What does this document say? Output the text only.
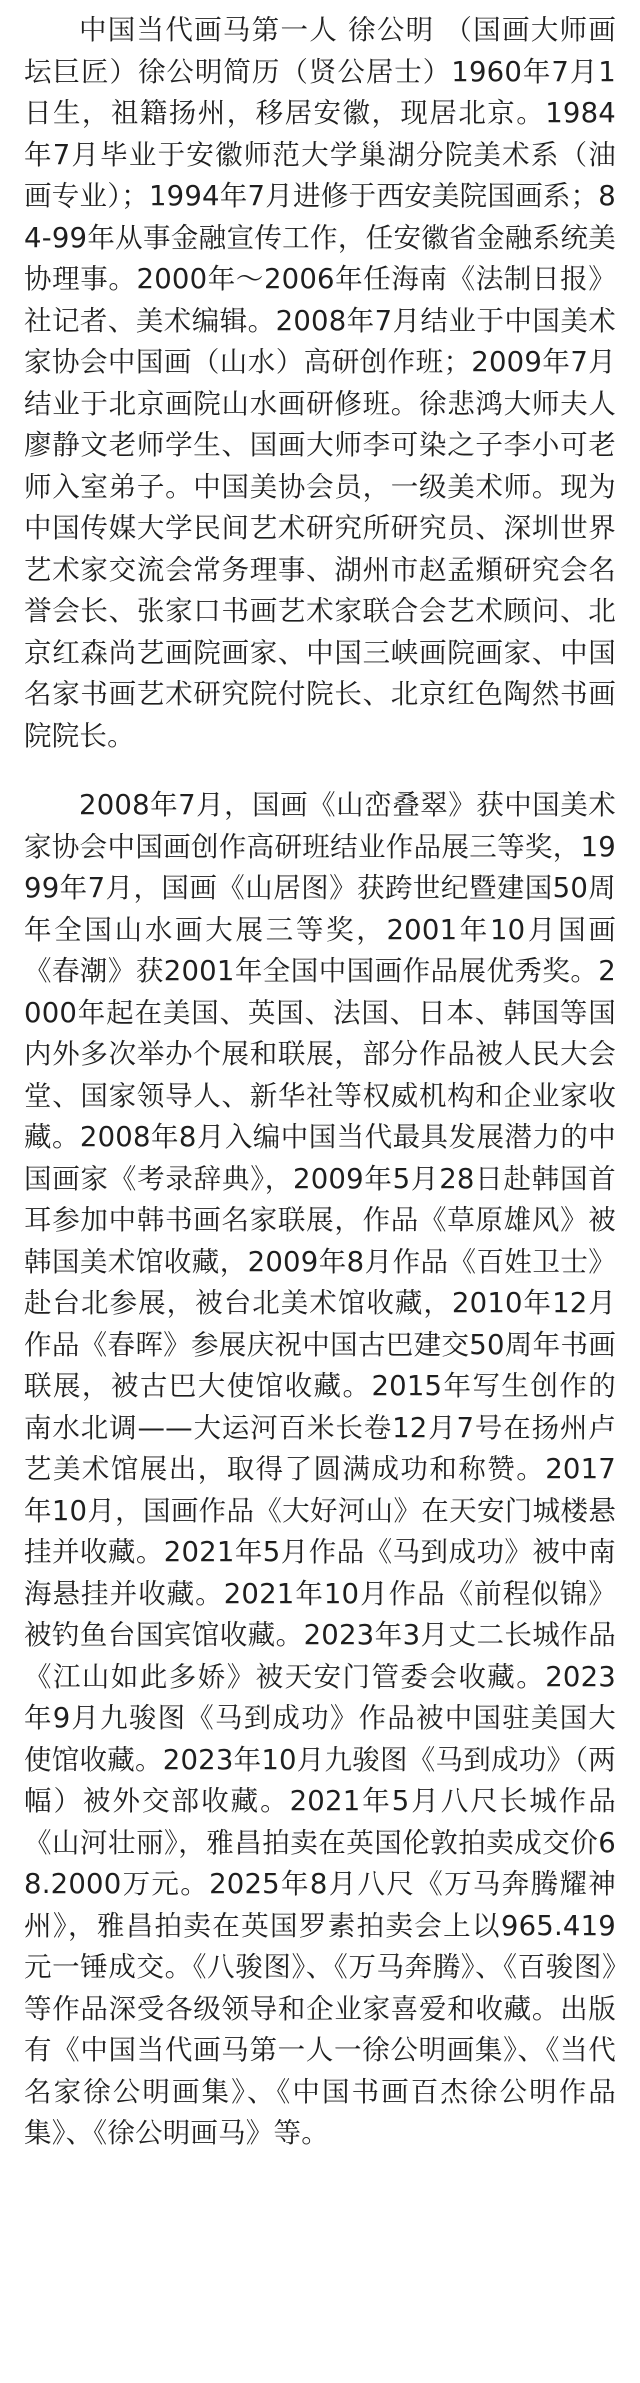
中国当代画马第一人 徐公明 （国画大师画坛巨匠）徐公明简历（贤公居士）1960年7月1日生，祖籍扬州，移居安徽，现居北京。1984年7月毕业于安徽师范大学巢湖分院美术系（油画专业）；1994年7月进修于西安美院国画系；84-99年从事金融宣传工作，任安徽省金融系统美协理事。2000年～2006年任海南《法制日报》社记者、美术编辑。2008年7月结业于中国美术家协会中国画（山水）高研创作班；2009年7月结业于北京画院山水画研修班。徐悲鸿大师夫人廖静文老师学生、国画大师李可染之子李小可老师入室弟子。中国美协会员，一级美术师。现为中国传媒大学民间艺术研究所研究员、深圳世界艺术家交流会常务理事、湖州市赵孟頫研究会名誉会长、张家口书画艺术家联合会艺术顾问、北京红森尚艺画院画家、中国三峡画院画家、中国名家书画艺术研究院付院长、北京红色陶然书画院院长。

2008年7月，国画《山峦叠翠》获中国美术家协会中国画创作高研班结业作品展三等奖，1999年7月，国画《山居图》获跨世纪暨建国50周年全国山水画大展三等奖，2001年10月国画《春潮》获2001年全国中国画作品展优秀奖。2000年起在美国、英国、法国、日本、韩国等国内外多次举办个展和联展，部分作品被人民大会堂、国家领导人、新华社等权威机构和企业家收藏。2008年8月入编中国当代最具发展潜力的中国画家《考录辞典》，2009年5月28日赴韩国首耳参加中韩书画名家联展，作品《草原雄风》被韩国美术馆收藏，2009年8月作品《百姓卫士》赴台北参展，被台北美术馆收藏，2010年12月作品《春晖》参展庆祝中国古巴建交50周年书画联展，被古巴大使馆收藏。2015年写生创作的南水北调——大运河百米长卷12月7号在扬州卢艺美术馆展出，取得了圆满成功和称赞。2017年10月，国画作品《大好河山》在天安门城楼悬挂并收藏。2021年5月作品《马到成功》被中南海悬挂并收藏。2021年10月作品《前程似锦》被钓鱼台国宾馆收藏。2023年3月丈二长城作品《江山如此多娇》被天安门管委会收藏。2023年9月九骏图《马到成功》作品被中国驻美国大使馆收藏。2023年10月九骏图《马到成功》（两幅）被外交部收藏。2021年5月八尺长城作品《山河壮丽》，雅昌拍卖在英国伦敦拍卖成交价68.2000万元。2025年8月八尺《万马奔腾耀神州》，雅昌拍卖在英国罗素拍卖会上以965.419元一锤成交。《八骏图》、《万马奔腾》、《百骏图》等作品深受各级领导和企业家喜爱和收藏。出版有《中国当代画马第一人一徐公明画集》、《当代名家徐公明画集》、《中国书画百杰徐公明作品集》、《徐公明画马》等。
